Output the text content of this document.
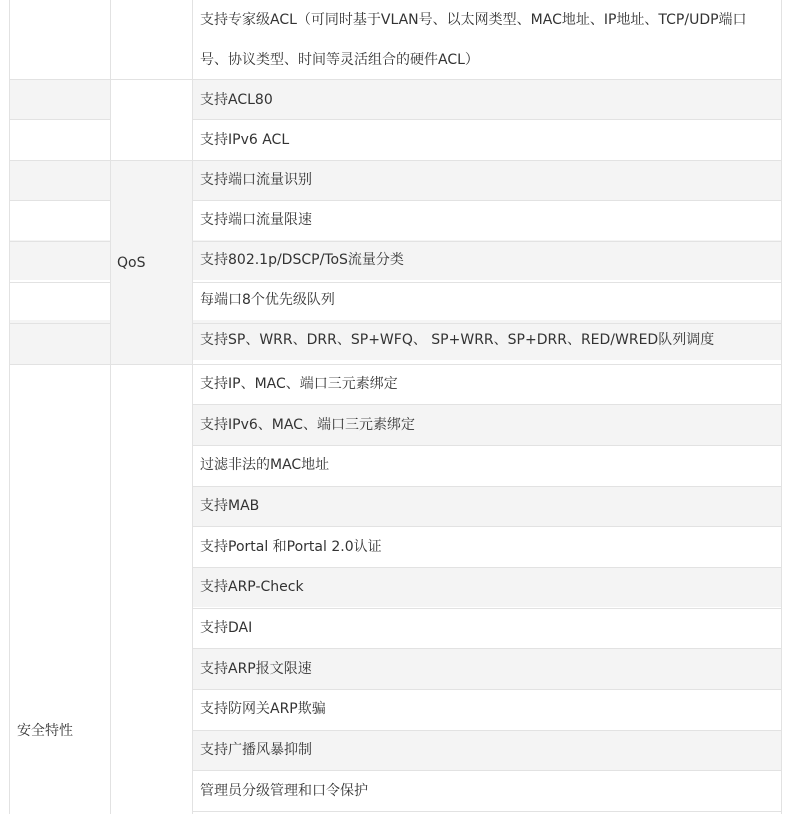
支持专家级ACL（可同时基于VLAN号、以太网类型、MAC地址、IP地址、TCP/UDP端口
号、协议类型、时间等灵活组合的硬件ACL）
支持ACL80
支持IPv6 ACL
支持端口流量识别
支持端口流量限速
支持802.1p/DSCP/ToS流量分类
每端口8个优先级队列
支持SP、WRR、DRR、SP+WFQ、 SP+WRR、SP+DRR、RED/WRED队列调度
QoS
支持IP、MAC、端口三元素绑定
支持IPv6、MAC、端口三元素绑定
过滤非法的MAC地址
支持MAB
支持Portal 和Portal 2.0认证
支持ARP-Check
支持DAI
支持ARP报文限速
支持防网关ARP欺骗
支持广播风暴抑制
管理员分级管理和口令保护
安全特性
